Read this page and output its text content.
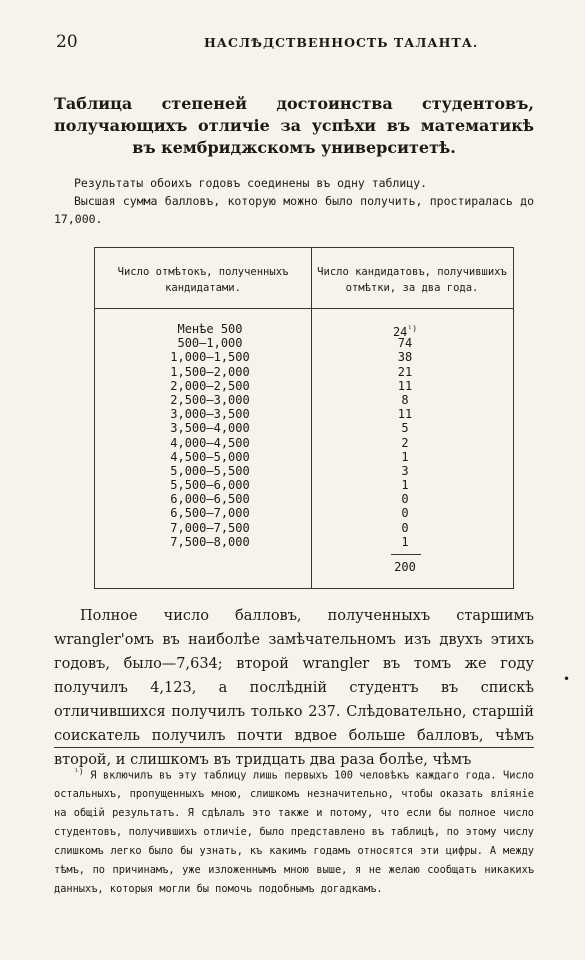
20	НАСЛѢДСТВЕННОСТЬ ТАЛАНТА.
Таблица степеней достоинства студентовъ, получающихъ отличіе за успѣхи въ математикѣ въ кембриджскомъ университетѣ.

Результаты обоихъ годовъ соединены въ одну таблицу.

Высшая сумма балловъ, которую можно было получить, простиралась до 17,000.

Число отмѣтокъ, полученныхъ кандидатами.
Число кандидатовъ, получившихъ отмѣтки, за два года.
Менѣе 500
500—1,000
1,000—1,500
1,500—2,000
2,000—2,500
2,500—3,000
3,000—3,500
3,500—4,000
4,000—4,500
4,500—5,000
5,000—5,500
5,500—6,000
6,000—6,500
6,500—7,000
7,000—7,500
7,500—8,000
$24^{^1)}$
74
38
21
11
8
11
5
2
1
3
1
0
0
0
1
200

Полное число балловъ, полученныхъ старшимъ wrangler'омъ въ наиболѣе замѣчательномъ изъ двухъ этихъ годовъ, было—7,634; второй wrangler въ томъ же году получилъ 4,123, а послѣдній студентъ въ спискѣ отличившихся получилъ только 237. Слѣдовательно, старшій соискатель получилъ почти вдвое больше балловъ, чѣмъ второй, и слишкомъ въ тридцать два раза болѣе, чѣмъ

•

$^{^1)}$ Я включилъ въ эту таблицу лишь первыхъ 100 человѣкъ каждаго года. Число остальныхъ, пропущенныхъ мною, слишкомъ незначительно, чтобы оказать вліяніе на общій результатъ. Я сдѣлалъ это также и потому, что если бы полное число студентовъ, получившихъ отличіе, было представлено въ таблицѣ, по этому числу слишкомъ легко было бы узнать, къ какимъ годамъ относятся эти цифры. А между тѣмъ, по причинамъ, уже изложеннымъ мною выше, я не желаю сообщать никакихъ данныхъ, которыя могли бы помочь подобнымъ догадкамъ.
